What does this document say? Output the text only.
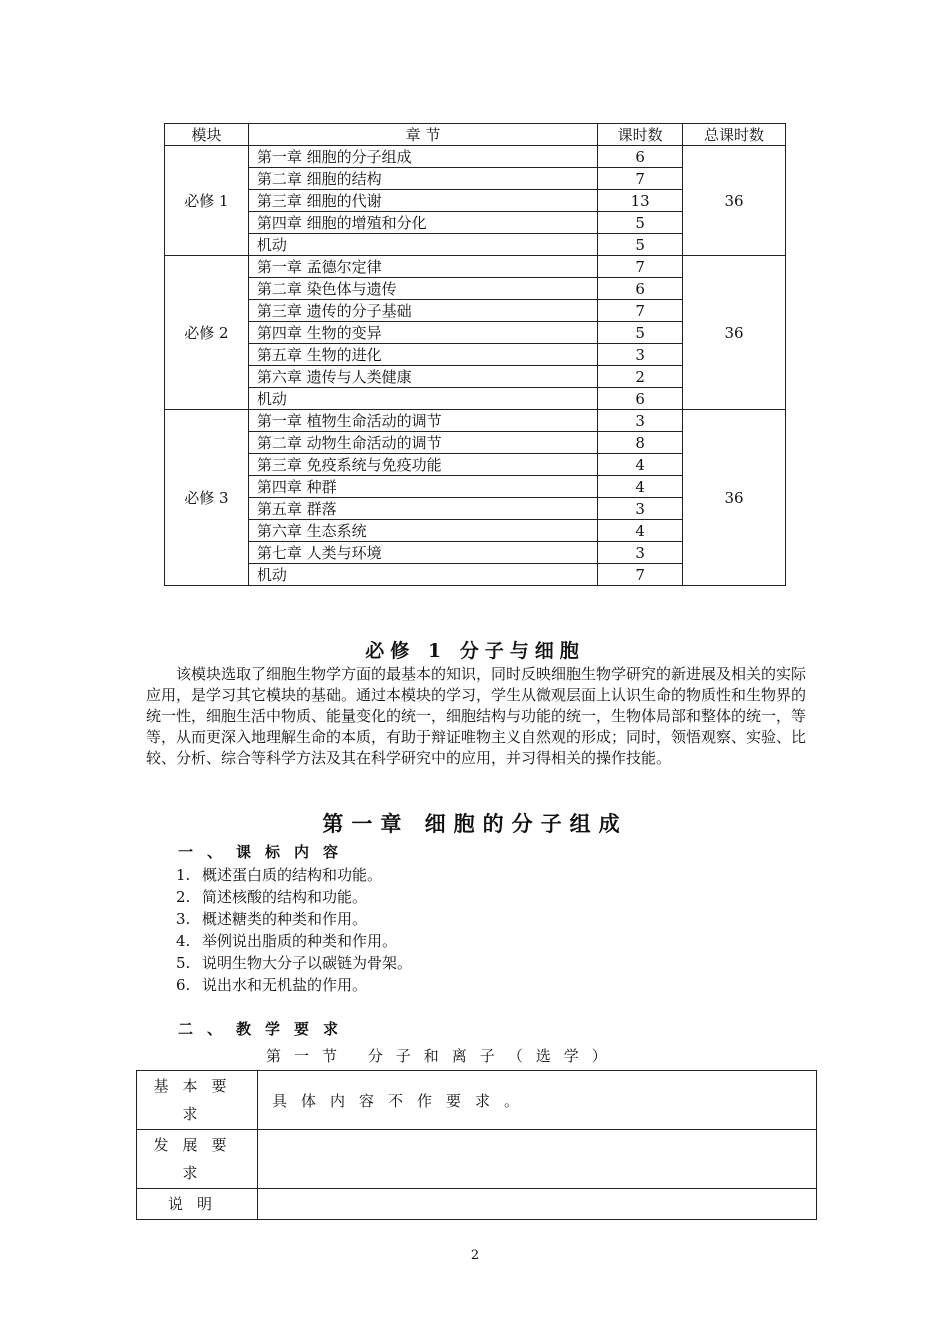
模块	章 节	课时数	总课时数
必修 1	第一章 细胞的分子组成	6	36
	第二章 细胞的结构	7	
	第三章 细胞的代谢	13	
	第四章 细胞的增殖和分化	5	
	机动	5	
必修 2	第一章 孟德尔定律	7	36
	第二章 染色体与遗传	6	
	第三章 遗传的分子基础	7	
	第四章 生物的变异	5	
	第五章 生物的进化	3	
	第六章 遗传与人类健康	2	
	机动	6	
必修 3	第一章 植物生命活动的调节	3	36
	第二章 动物生命活动的调节	8	
	第三章 免疫系统与免疫功能	4	
	第四章 种群	4	
	第五章 群落	3	
	第六章 生态系统	4	
	第七章 人类与环境	3	
	机动	7	
必修 1 分子与细胞
该模块选取了细胞生物学方面的最基本的知识，同时反映细胞生物学研究的新进展及相关的实际应用，是学习其它模块的基础。通过本模块的学习，学生从微观层面上认识生命的物质性和生物界的统一性，细胞生活中物质、能量变化的统一，细胞结构与功能的统一，生物体局部和整体的统一，等等，从而更深入地理解生命的本质，有助于辩证唯物主义自然观的形成；同时，领悟观察、实验、比较、分析、综合等科学方法及其在科学研究中的应用，并习得相关的操作技能。
第一章 细胞的分子组成
一、课标内容
1. 概述蛋白质的结构和功能。
2. 简述核酸的结构和功能。
3. 概述糖类的种类和作用。
4. 举例说出脂质的种类和作用。
5. 说明生物大分子以碳链为骨架。
6. 说出水和无机盐的作用。
二、教学要求
第一节 分子和离子（选学）
基本要求	具体内容不作要求。
发展要求	
说明	
2
